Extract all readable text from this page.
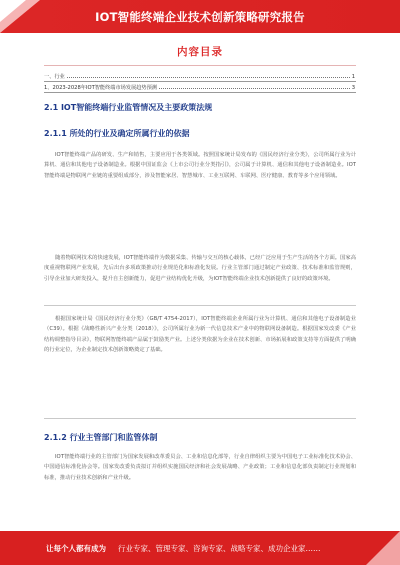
IOT智能终端企业技术创新策略研究报告
内容目录
一、行业	1
1、2023-2028年IOT智能终端市场发展趋势预测	3
2.1 IOT智能终端行业监管情况及主要政策法规
2.1.1 所处的行业及确定所属行业的依据
IOT智能终端产品的研发、生产和销售，主要应用于各类领域。按照国家统计局发布的《国民经济行业分类》，公司所属行业为计算机、通信和其他电子设备制造业。根据中国证监会《上市公司行业分类指引》，公司属于计算机、通信和其他电子设备制造业。IOT智能终端是物联网产业链的重要组成部分，涉及智能家居、智慧城市、工业互联网、车联网、医疗健康、教育等多个应用领域。
随着物联网技术的快速发展，IOT智能终端作为数据采集、传输与交互的核心载体，已经广泛应用于生产生活的各个方面。国家高度重视物联网产业发展，先后出台多项政策推动行业规范化和标准化发展。行业主管部门通过制定产业政策、技术标准和监管规则，引导企业加大研发投入，提升自主创新能力，促进产业结构优化升级，为IOT智能终端企业技术创新提供了良好的政策环境。
根据国家统计局《国民经济行业分类》（GB/T 4754-2017），IOT智能终端企业所属行业为计算机、通信和其他电子设备制造业（C39）。根据《战略性新兴产业分类（2018）》，公司所属行业为新一代信息技术产业中的物联网设备制造。根据国家发改委《产业结构调整指导目录》，物联网智能终端产品属于鼓励类产业。上述分类依据为企业在技术创新、市场拓展和政策支持等方面提供了明确的行业定位，为企业制定技术创新策略奠定了基础。
2.1.2 行业主管部门和监管体制
IOT智能终端行业的主管部门为国家发展和改革委员会、工业和信息化部等，行业自律组织主要为中国电子工业标准化技术协会、中国通信标准化协会等。国家发改委负责拟订并组织实施国民经济和社会发展战略、产业政策；工业和信息化部负责制定行业规划和标准，推动行业技术创新和产业升级。
让每个人都有成为 行业专家、管理专家、咨询专家、战略专家、成功企业家……
